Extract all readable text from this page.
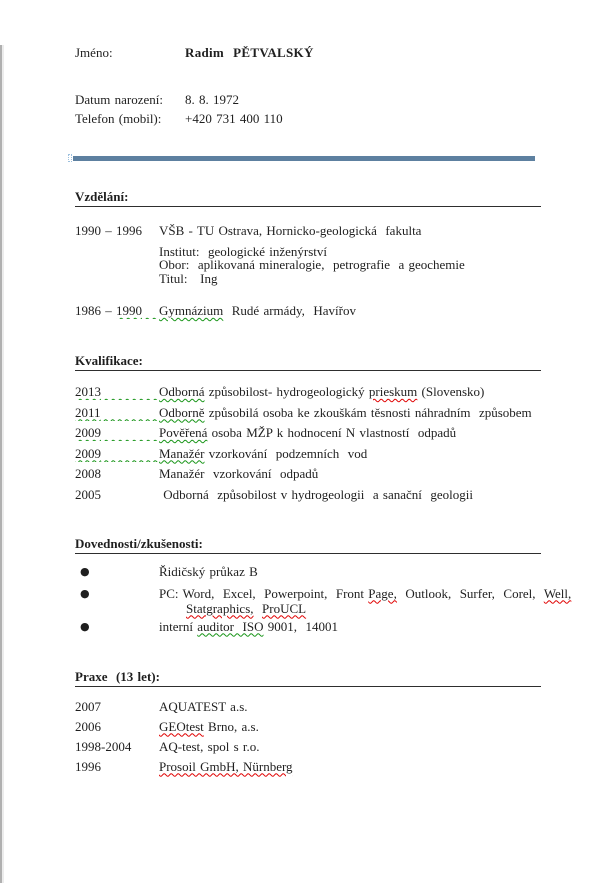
Jméno:	Radim  PĚTVALSKÝ
Datum narození:	8. 8. 1972
Telefon (mobil):	+420 731 400 110
Vzdělání:
1990 – 1996	VŠB - TU Ostrava, Hornicko-geologická  fakulta
Institut:  geologické inženýrství
Obor:  aplikovaná mineralogie,  petrografie  a geochemie
Titul:   Ing
1986 – 1990	Gymnázium  Rudé armády,  Havířov
Kvalifikace:
2013	Odborná způsobilost- hydrogeologický prieskum (Slovensko)
2011	Odborně způsobilá osoba ke zkouškám těsnosti náhradním  způsobem
2009	Pověřená osoba MŽP k hodnocení N vlastností  odpadů
2009	Manažér vzorkování  podzemních  vod
2008	Manažér  vzorkování  odpadů
2005	Odborná  způsobilost v hydrogeologii  a sanační  geologii
Dovednosti/zkušenosti:
●	Řidičský průkaz B
●	PC: Word,  Excel,  Powerpoint,  Front Page,  Outlook,  Surfer,  Corel,  Well,
Statgraphics, ProUCL
●	interní auditor  ISO 9001,  14001
Praxe  (13 let):
2007	AQUATEST a.s.
2006	GEOtest Brno, a.s.
1998-2004	AQ-test, spol s r.o.
1996	Prosoil GmbH, Nürnberg
